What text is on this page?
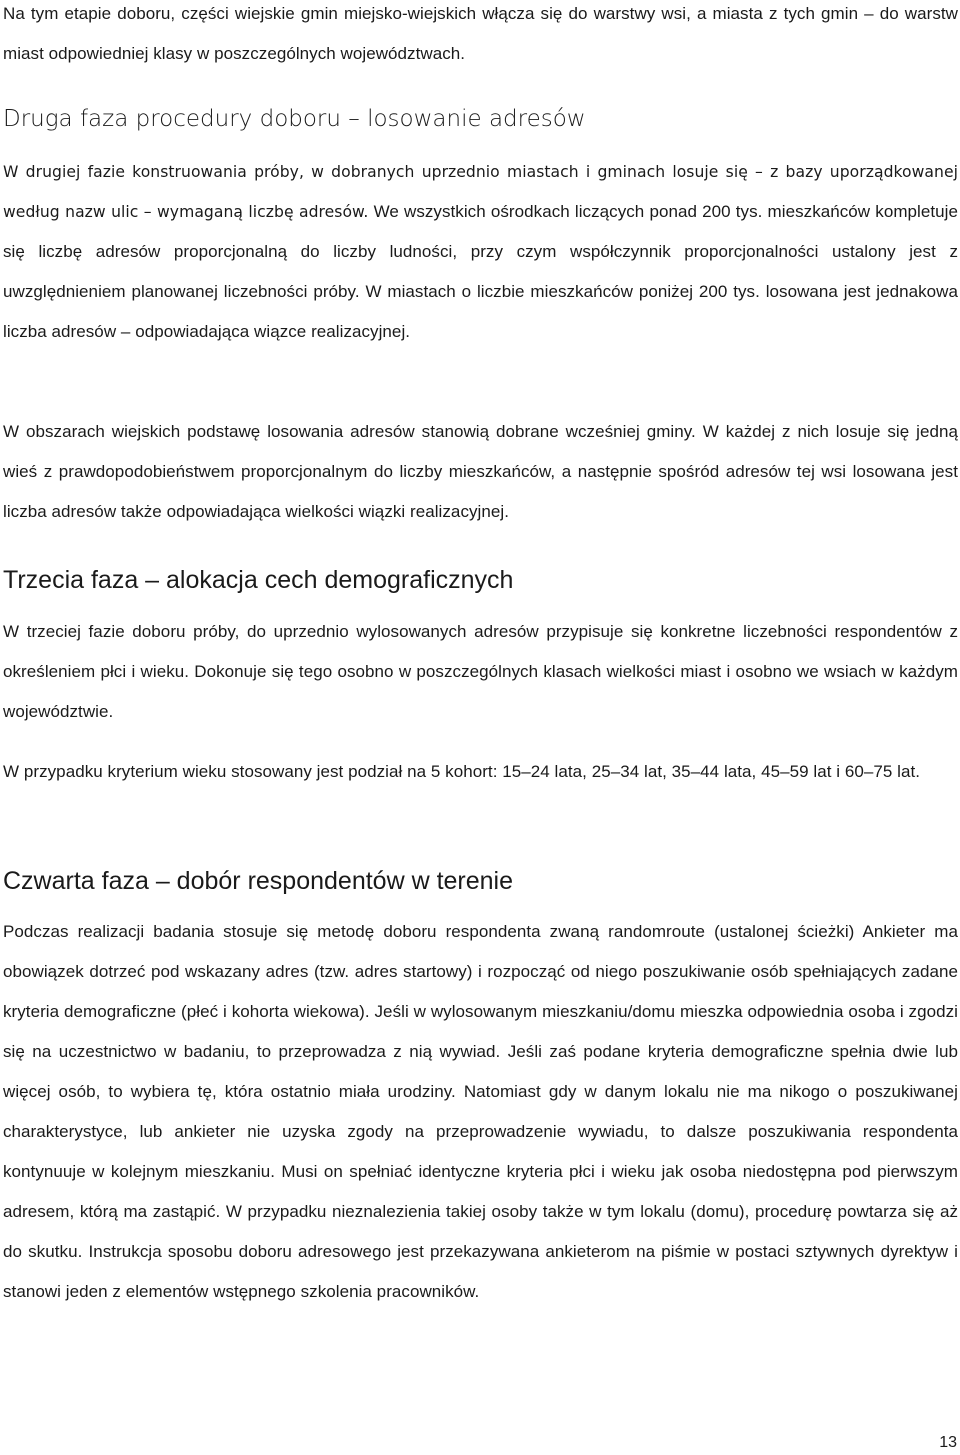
Na tym etapie doboru, części wiejskie gmin miejsko-wiejskich włącza się do warstwy wsi, a miasta z tych gmin – do warstw miast odpowiedniej klasy w poszczególnych województwach.

Druga faza procedury doboru – losowanie adresów

W drugiej fazie konstruowania próby, w dobranych uprzednio miastach i gminach losuje się – z bazy uporządkowanej według nazw ulic – wymaganą liczbę adresów. We wszystkich ośrodkach liczących ponad 200 tys. mieszkańców kompletuje się liczbę adresów proporcjonalną do liczby ludności, przy czym współczynnik proporcjonalności ustalony jest z uwzględnieniem planowanej liczebności próby. W miastach o liczbie mieszkańców poniżej 200 tys. losowana jest jednakowa liczba adresów – odpowiadająca wiązce realizacyjnej.

W obszarach wiejskich podstawę losowania adresów stanowią dobrane wcześniej gminy. W każdej z nich losuje się jedną wieś z prawdopodobieństwem proporcjonalnym do liczby mieszkańców, a następnie spośród adresów tej wsi losowana jest liczba adresów także odpowiadająca wielkości wiązki realizacyjnej.

Trzecia faza – alokacja cech demograficznych

W trzeciej fazie doboru próby, do uprzednio wylosowanych adresów przypisuje się konkretne liczebności respondentów z określeniem płci i wieku. Dokonuje się tego osobno w poszczególnych klasach wielkości miast i osobno we wsiach w każdym województwie.

W przypadku kryterium wieku stosowany jest podział na 5 kohort: 15–24 lata, 25–34 lat, 35–44 lata, 45–59 lat i 60–75 lat.

Czwarta faza – dobór respondentów w terenie

Podczas realizacji badania stosuje się metodę doboru respondenta zwaną randomroute (ustalonej ścieżki) Ankieter ma obowiązek dotrzeć pod wskazany adres (tzw. adres startowy) i rozpocząć od niego poszukiwanie osób spełniających zadane kryteria demograficzne (płeć i kohorta wiekowa). Jeśli w wylosowanym mieszkaniu/domu mieszka odpowiednia osoba i zgodzi się na uczestnictwo w badaniu, to przeprowadza z nią wywiad. Jeśli zaś podane kryteria demograficzne spełnia dwie lub więcej osób, to wybiera tę, która ostatnio miała urodziny. Natomiast gdy w danym lokalu nie ma nikogo o poszukiwanej charakterystyce, lub ankieter nie uzyska zgody na przeprowadzenie wywiadu, to dalsze poszukiwania respondenta kontynuuje w kolejnym mieszkaniu. Musi on spełniać identyczne kryteria płci i wieku jak osoba niedostępna pod pierwszym adresem, którą ma zastąpić. W przypadku nieznalezienia takiej osoby także w tym lokalu (domu), procedurę powtarza się aż do skutku. Instrukcja sposobu doboru adresowego jest przekazywana ankieterom na piśmie w postaci sztywnych dyrektyw i stanowi jeden z elementów wstępnego szkolenia pracowników.

13
